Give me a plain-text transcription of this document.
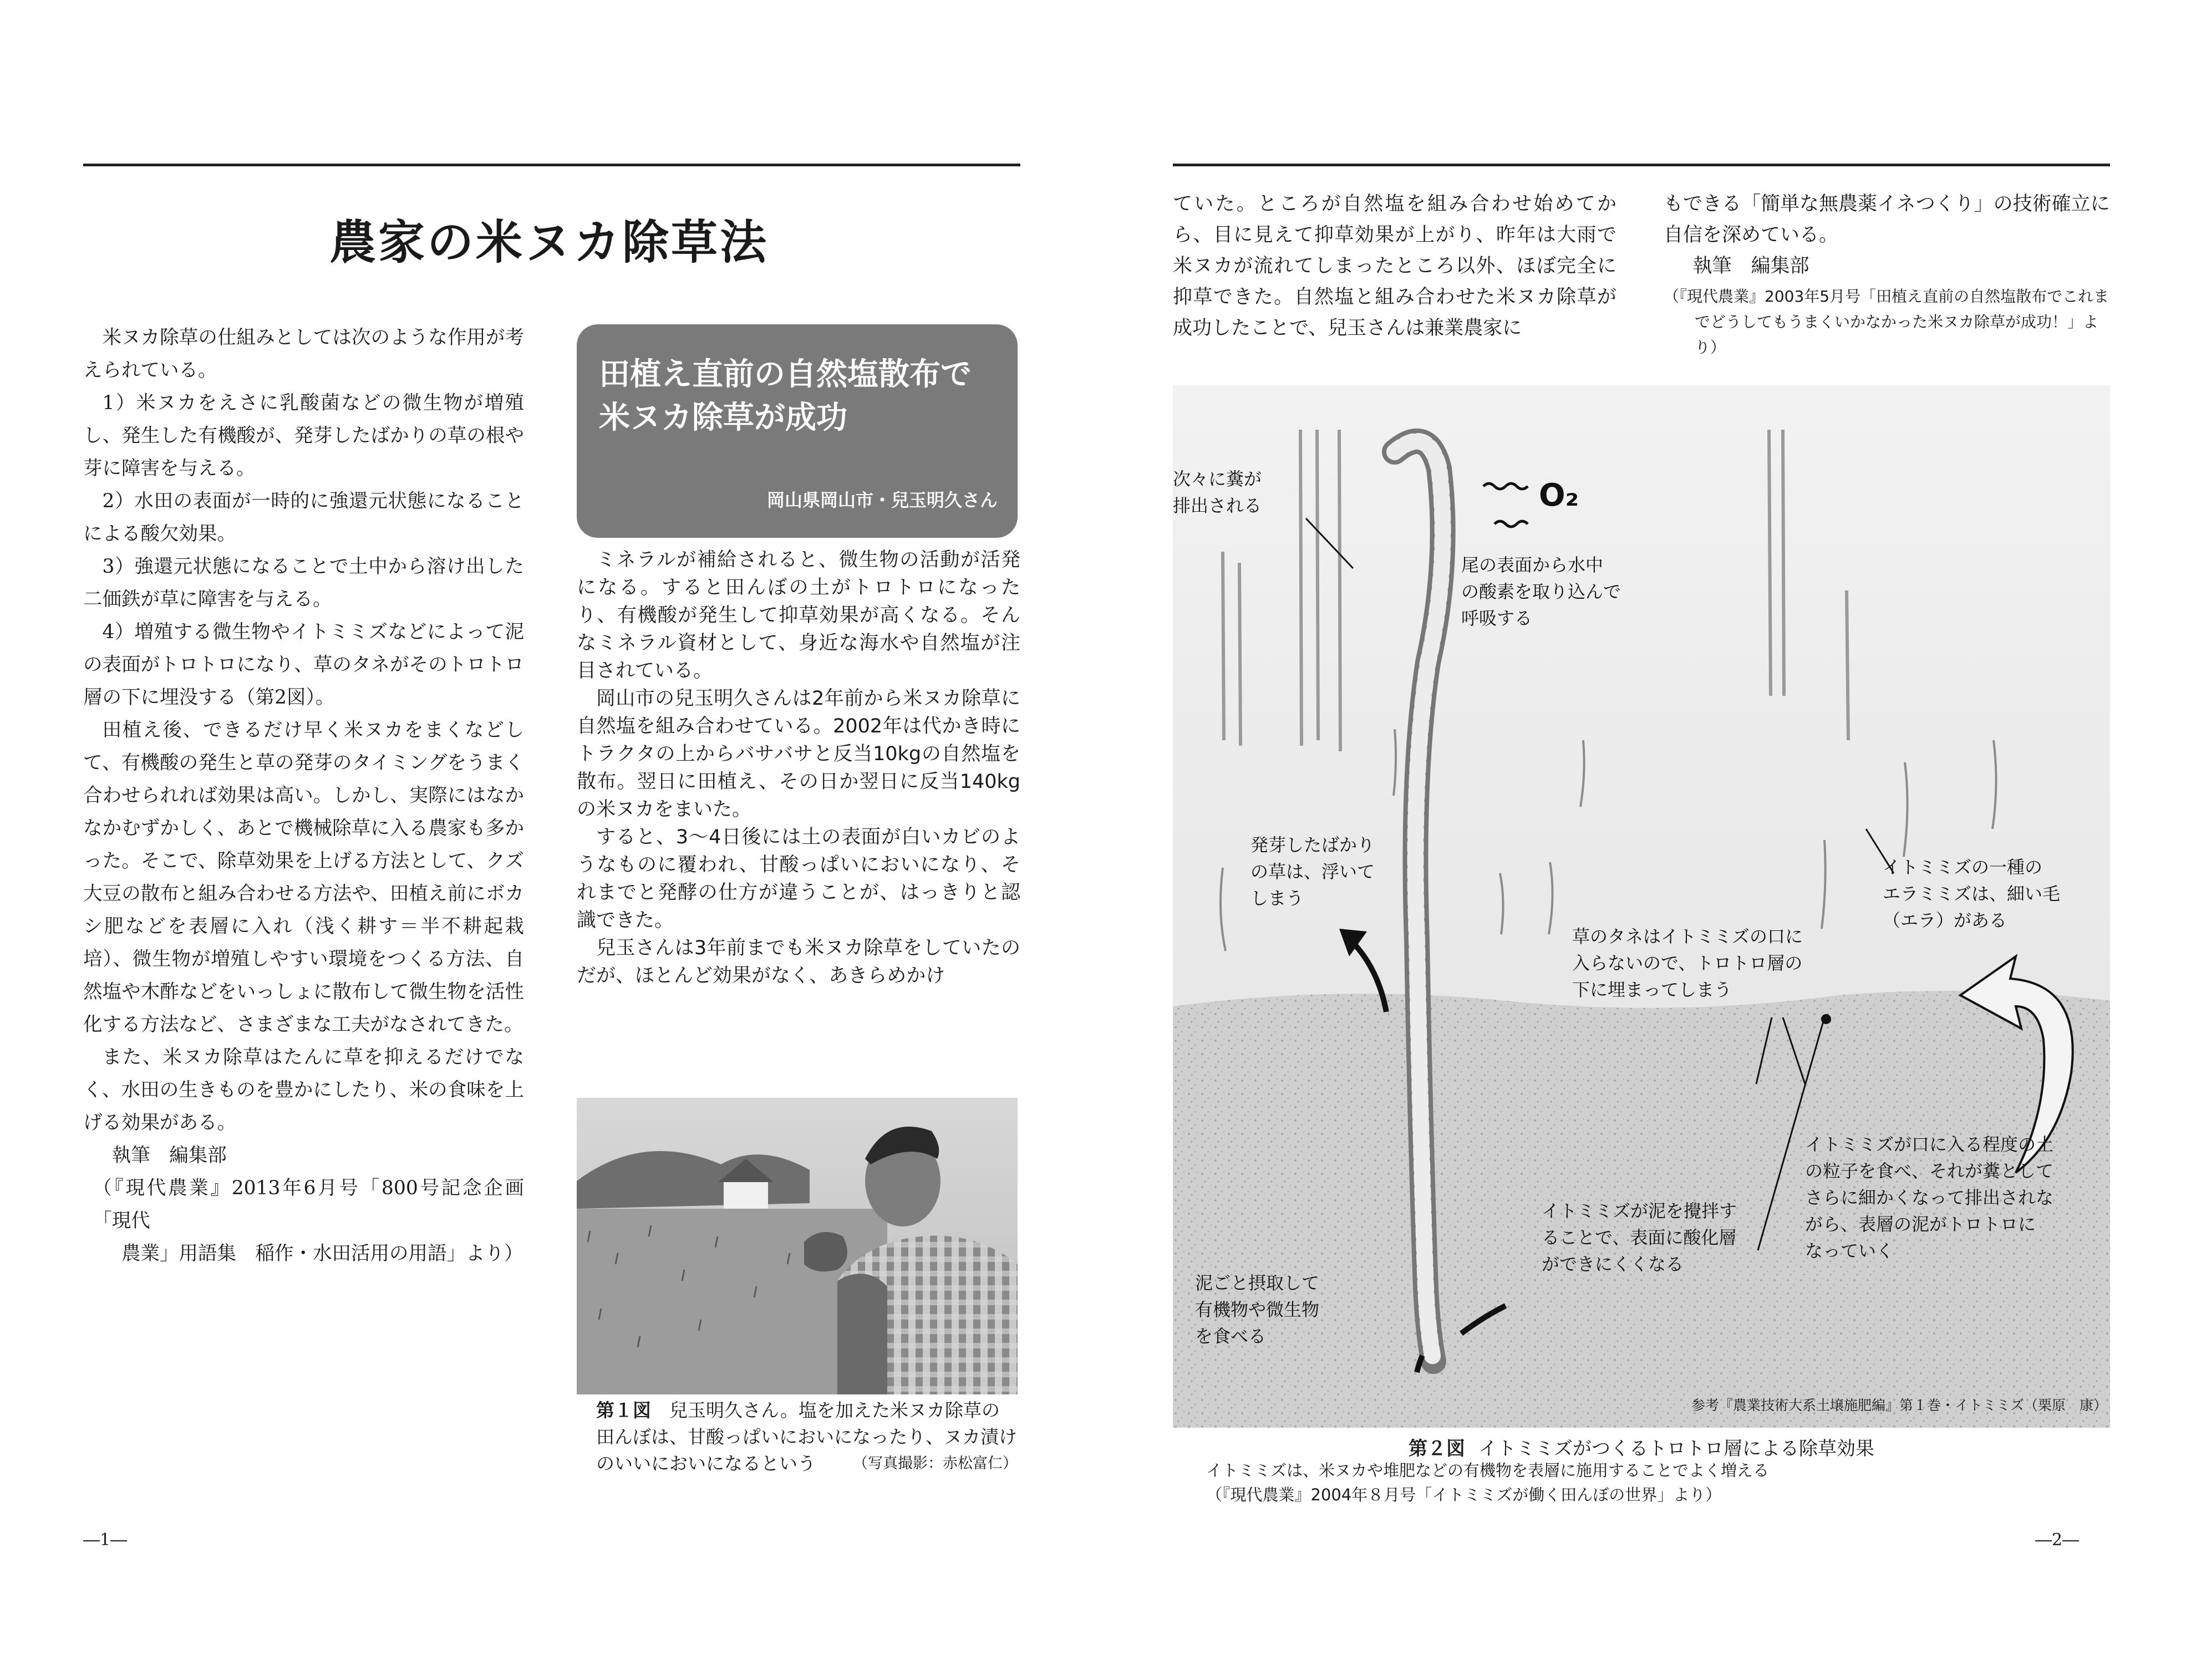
農家の米ヌカ除草法

米ヌカ除草の仕組みとしては次のような作用が考えられている。

1）米ヌカをえさに乳酸菌などの微生物が増殖し、発生した有機酸が、発芽したばかりの草の根や芽に障害を与える。

2）水田の表面が一時的に強還元状態になることによる酸欠効果。

3）強還元状態になることで土中から溶け出した二価鉄が草に障害を与える。

4）増殖する微生物やイトミミズなどによって泥の表面がトロトロになり、草のタネがそのトロトロ層の下に埋没する（第2図）。

田植え後、できるだけ早く米ヌカをまくなどして、有機酸の発生と草の発芽のタイミングをうまく合わせられれば効果は高い。しかし、実際にはなかなかむずかしく、あとで機械除草に入る農家も多かった。そこで、除草効果を上げる方法として、クズ大豆の散布と組み合わせる方法や、田植え前にボカシ肥などを表層に入れ（浅く耕す＝半不耕起栽培）、微生物が増殖しやすい環境をつくる方法、自然塩や木酢などをいっしょに散布して微生物を活性化する方法など、さまざまな工夫がなされてきた。

また、米ヌカ除草はたんに草を抑えるだけでなく、水田の生きものを豊かにしたり、米の食味を上げる効果がある。

執筆　編集部

（『現代農業』2013年6月号「800号記念企画「現代

農業」用語集　稲作・水田活用の用語」より）

田植え直前の自然塩散布で
米ヌカ除草が成功
岡山県岡山市・兒玉明久さん

ミネラルが補給されると、微生物の活動が活発になる。すると田んぼの土がトロトロになったり、有機酸が発生して抑草効果が高くなる。そんなミネラル資材として、身近な海水や自然塩が注目されている。

岡山市の兒玉明久さんは2年前から米ヌカ除草に自然塩を組み合わせている。2002年は代かき時にトラクタの上からバサバサと反当10kgの自然塩を散布。翌日に田植え、その日か翌日に反当140kgの米ヌカをまいた。

すると、3～4日後には土の表面が白いカビのようなものに覆われ、甘酸っぱいにおいになり、それまでと発酵の仕方が違うことが、はっきりと認識できた。

兒玉さんは3年前までも米ヌカ除草をしていたのだが、ほとんど効果がなく、あきらめかけ

第１図　 兒玉明久さん。塩を加えた米ヌカ除草の田んぼは、甘酸っぱいにおいになったり、ヌカ漬けのいいにおいになるという （写真撮影：赤松富仁）
―1―
ていた。ところが自然塩を組み合わせ始めてから、目に見えて抑草効果が上がり、昨年は大雨で米ヌカが流れてしまったところ以外、ほぼ完全に抑草できた。自然塩と組み合わせた米ヌカ除草が成功したことで、兒玉さんは兼業農家に
もできる「簡単な無農薬イネつくり」の技術確立に自信を深めている。
執筆　編集部
（『現代農業』2003年5月号「田植え直前の自然塩散布でこれま
でどうしてもうまくいかなかった米ヌカ除草が成功！」より）
次々に糞が
排出される	O₂
尾の表面から水中
の酸素を取り込んで
呼吸する
発芽したばかり
の草は、浮いて
しまう
イトミミズの一種の
エラミミズは、細い毛
（エラ）がある
草のタネはイトミミズの口に
入らないので、トロトロ層の
下に埋まってしまう
イトミミズが口に入る程度の土
の粒子を食べ、それが糞として
さらに細かくなって排出されな
がら、表層の泥がトロトロに
なっていく
イトミミズが泥を攪拌す
ることで、表面に酸化層
ができにくくなる
泥ごと摂取して
有機物や微生物
を食べる
参考『農業技術大系土壌施肥編』第１巻・イトミミズ（栗原　康）
第２図 イトミミズがつくるトロトロ層による除草効果
イトミミズは、米ヌカや堆肥などの有機物を表層に施用することでよく増える
（『現代農業』2004年８月号「イトミミズが働く田んぼの世界」より）
―2―
